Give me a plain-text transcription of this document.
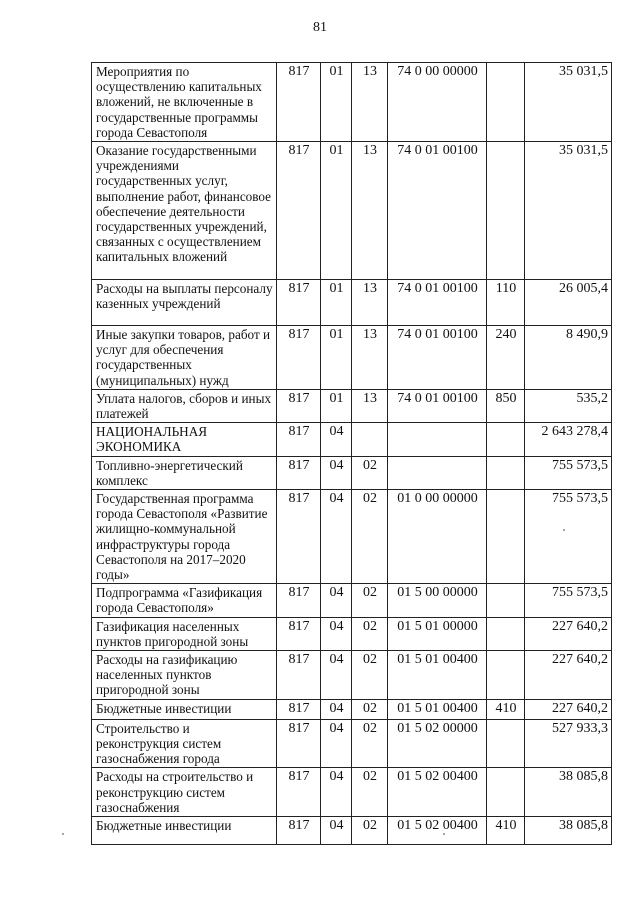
81
Мероприятия по осуществлению капитальных вложений, не включенные в государственные программы города Севастополя	817	01	13	74 0 00 00000		35 031,5
Оказание государственными учреждениями государственных услуг, выполнение работ, финансовое обеспечение деятельности государственных учреждений, связанных с осуществлением капитальных вложений	817	01	13	74 0 01 00100		35 031,5
Расходы на выплаты персоналу казенных учреждений	817	01	13	74 0 01 00100	110	26 005,4
Иные закупки товаров, работ и услуг для обеспечения государственных (муниципальных) нужд	817	01	13	74 0 01 00100	240	8 490,9
Уплата налогов, сборов и иных платежей	817	01	13	74 0 01 00100	850	535,2
НАЦИОНАЛЬНАЯ ЭКОНОМИКА	817	04				2 643 278,4
Топливно-энергетический комплекс	817	04	02			755 573,5
Государственная программа города Севастополя «Развитие жилищно-коммунальной инфраструктуры города Севастополя на 2017–2020 годы»	817	04	02	01 0 00 00000		755 573,5
Подпрограмма «Газификация города Севастополя»	817	04	02	01 5 00 00000		755 573,5
Газификация населенных пунктов пригородной зоны	817	04	02	01 5 01 00000		227 640,2
Расходы на газификацию населенных пунктов пригородной зоны	817	04	02	01 5 01 00400		227 640,2
Бюджетные инвестиции	817	04	02	01 5 01 00400	410	227 640,2
Строительство и реконструкция систем газоснабжения города	817	04	02	01 5 02 00000		527 933,3
Расходы на строительство и реконструкцию систем газоснабжения	817	04	02	01 5 02 00400		38 085,8
Бюджетные инвестиции	817	04	02	01 5 02 00400	410	38 085,8
